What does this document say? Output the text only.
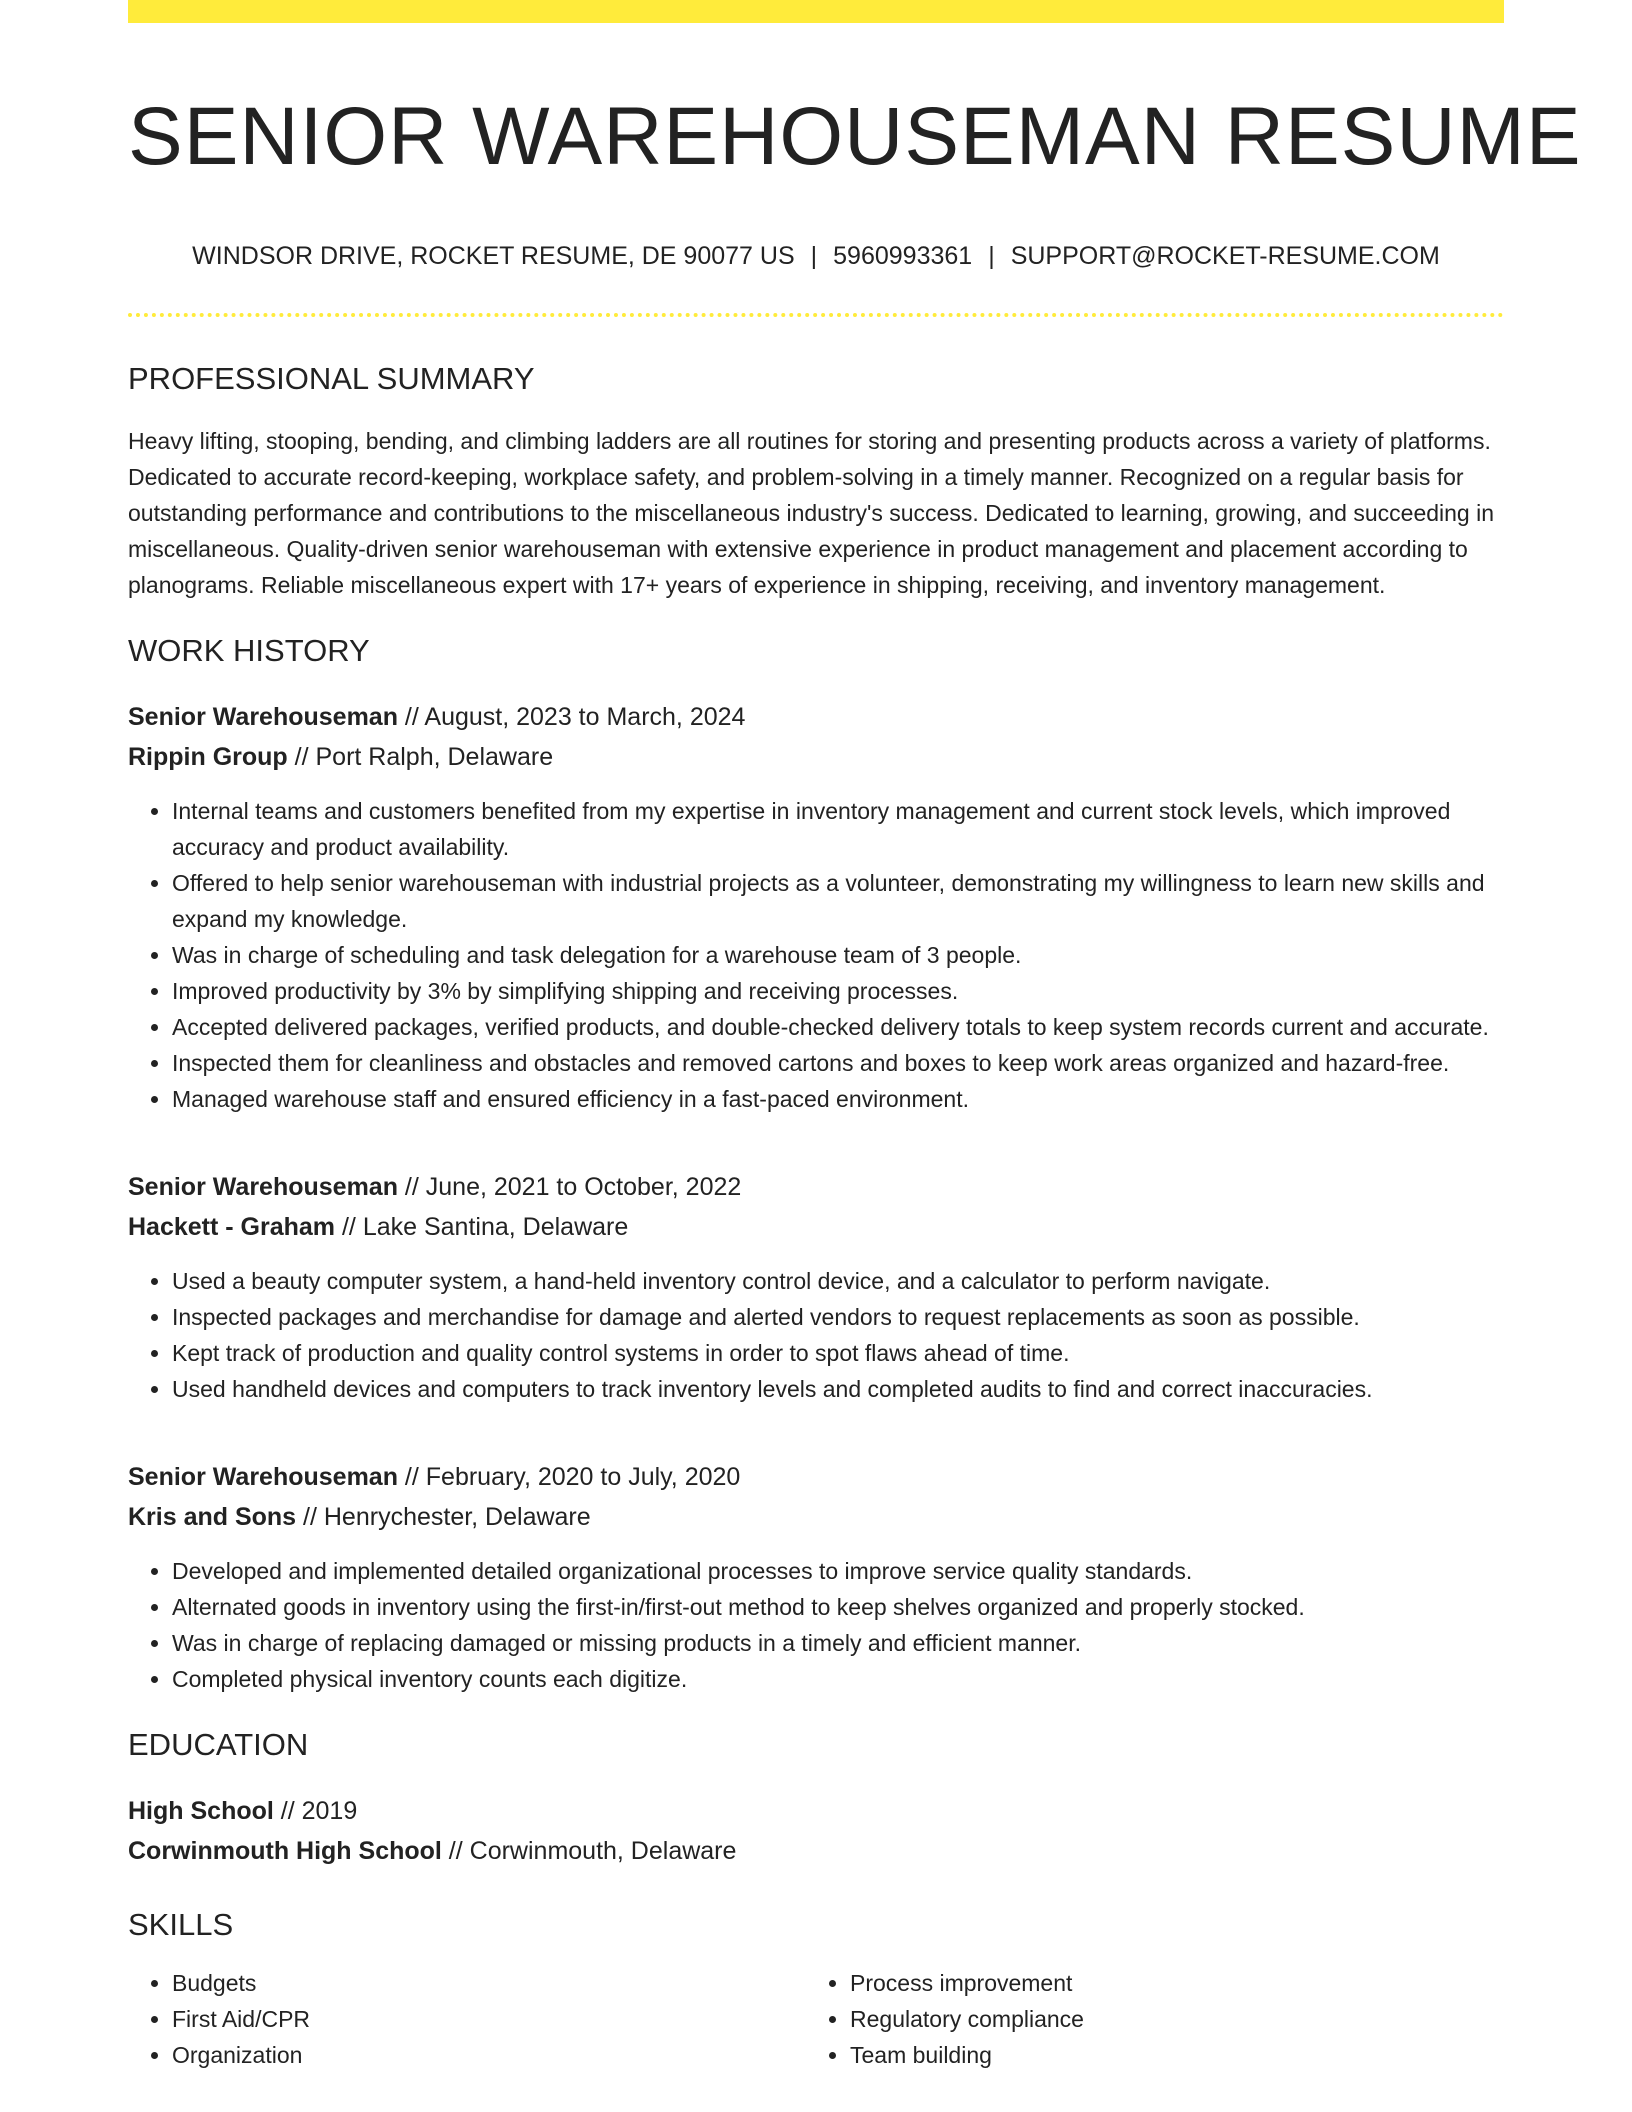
SENIOR WAREHOUSEMAN RESUME
WINDSOR DRIVE, ROCKET RESUME, DE 90077 US | 5960993361 | SUPPORT@ROCKET-RESUME.COM
PROFESSIONAL SUMMARY

Heavy lifting, stooping, bending, and climbing ladders are all routines for storing and presenting products across a variety of platforms. Dedicated to accurate record-keeping, workplace safety, and problem-solving in a timely manner. Recognized on a regular basis for outstanding performance and contributions to the miscellaneous industry's success. Dedicated to learning, growing, and succeeding in miscellaneous. Quality-driven senior warehouseman with extensive experience in product management and placement according to planograms. Reliable miscellaneous expert with 17+ years of experience in shipping, receiving, and inventory management.

WORK HISTORY
Senior Warehouseman // August, 2023 to March, 2024
Rippin Group // Port Ralph, Delaware
• Internal teams and customers benefited from my expertise in inventory management and current stock levels, which improved accuracy and product availability.
• Offered to help senior warehouseman with industrial projects as a volunteer, demonstrating my willingness to learn new skills and expand my knowledge.
• Was in charge of scheduling and task delegation for a warehouse team of 3 people.
• Improved productivity by 3% by simplifying shipping and receiving processes.
• Accepted delivered packages, verified products, and double-checked delivery totals to keep system records current and accurate.
• Inspected them for cleanliness and obstacles and removed cartons and boxes to keep work areas organized and hazard-free.
• Managed warehouse staff and ensured efficiency in a fast-paced environment.
Senior Warehouseman // June, 2021 to October, 2022
Hackett - Graham // Lake Santina, Delaware
• Used a beauty computer system, a hand-held inventory control device, and a calculator to perform navigate.
• Inspected packages and merchandise for damage and alerted vendors to request replacements as soon as possible.
• Kept track of production and quality control systems in order to spot flaws ahead of time.
• Used handheld devices and computers to track inventory levels and completed audits to find and correct inaccuracies.
Senior Warehouseman // February, 2020 to July, 2020
Kris and Sons // Henrychester, Delaware
• Developed and implemented detailed organizational processes to improve service quality standards.
• Alternated goods in inventory using the first-in/first-out method to keep shelves organized and properly stocked.
• Was in charge of replacing damaged or missing products in a timely and efficient manner.
• Completed physical inventory counts each digitize.
EDUCATION
High School // 2019
Corwinmouth High School // Corwinmouth, Delaware
SKILLS
• Budgets
• First Aid/CPR
• Organization
• Process improvement
• Regulatory compliance
• Team building
